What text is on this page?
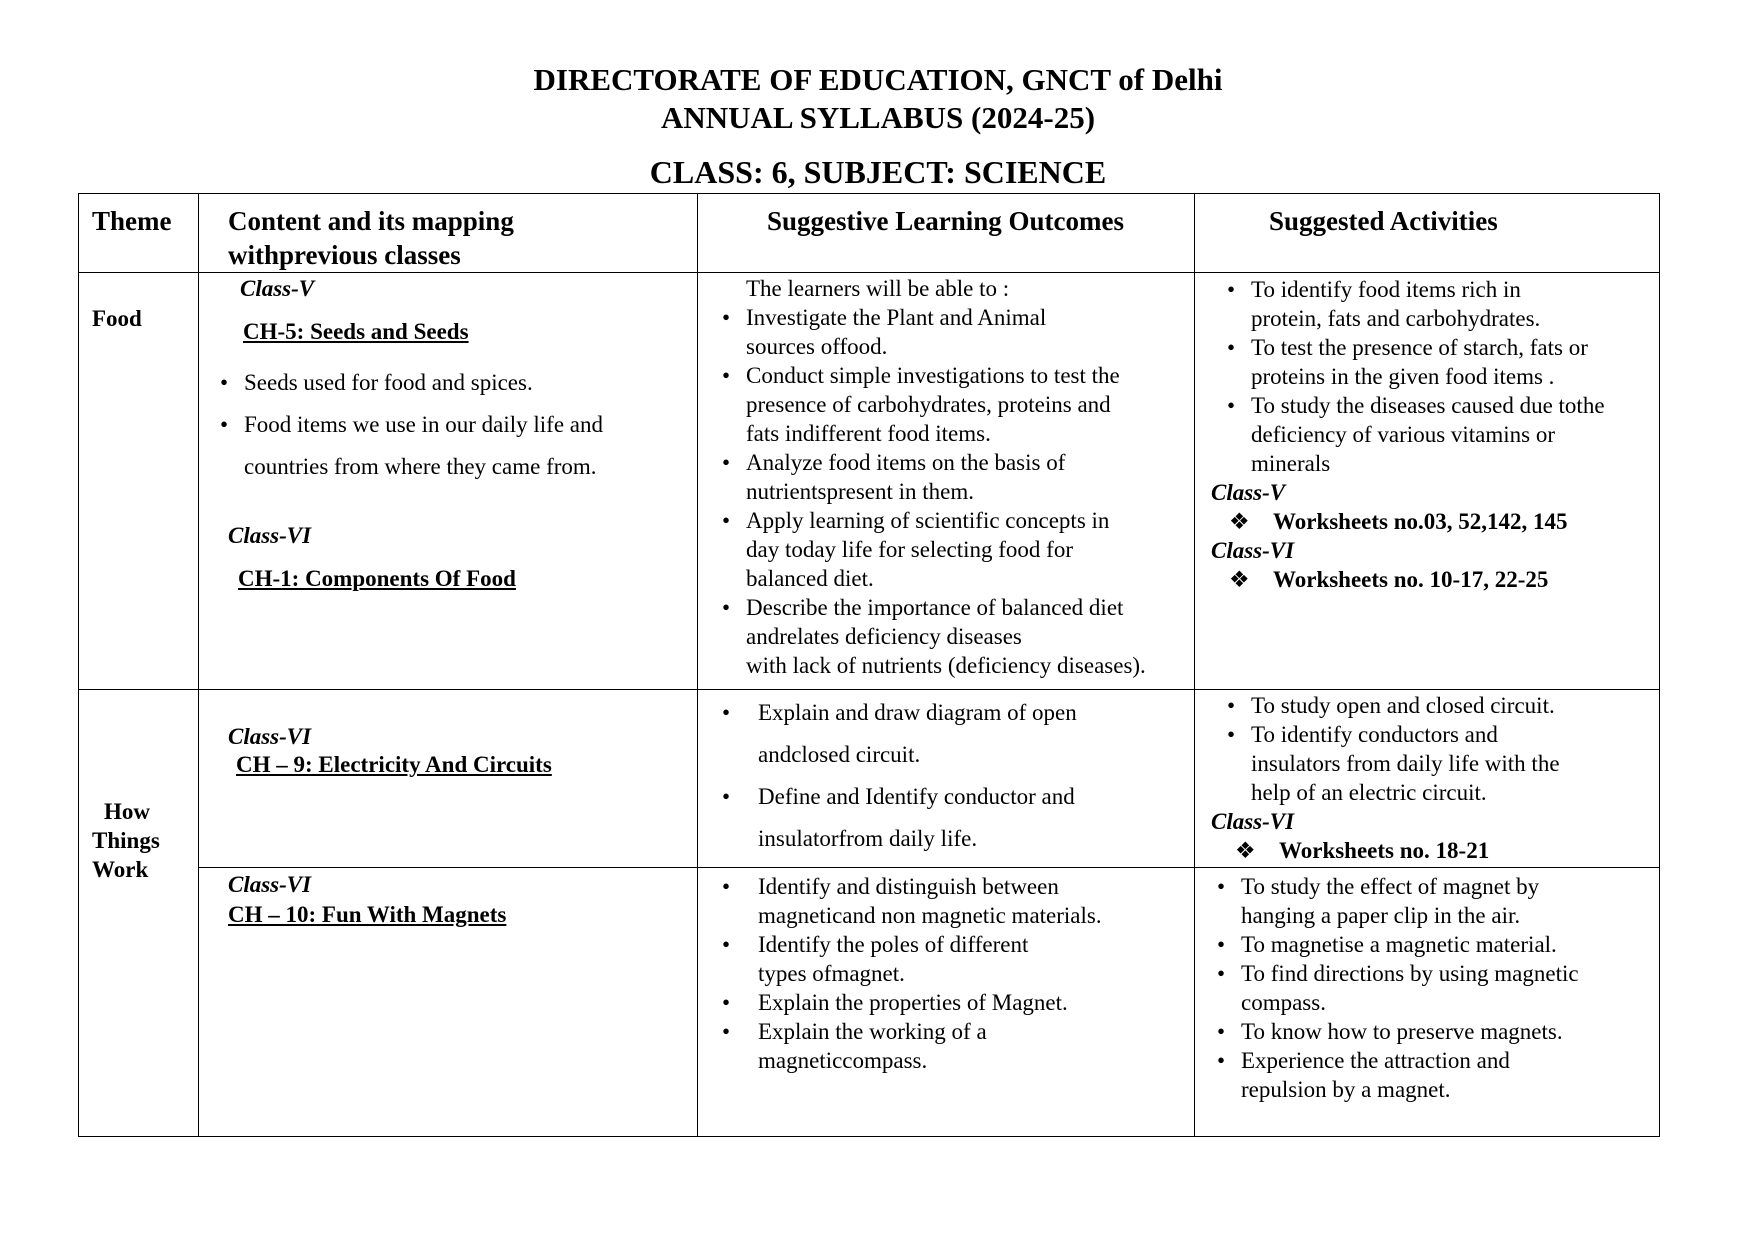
DIRECTORATE OF EDUCATION, GNCT of Delhi
ANNUAL SYLLABUS (2024-25)
CLASS: 6, SUBJECT: SCIENCE
Theme Content and its mapping
withprevious classes
Suggestive Learning Outcomes	Suggested Activities
Food
Class-V
CH-5: Seeds and Seeds
• Seeds used for food and spices.
• Food items we use in our daily life and
countries from where they came from.
Class-VI
CH-1: Components Of Food
The learners will be able to :
• Investigate the Plant and Animal
sources offood.
• Conduct simple investigations to test the
presence of carbohydrates, proteins and
fats indifferent food items.
• Analyze food items on the basis of
nutrientspresent in them.
• Apply learning of scientific concepts in
day today life for selecting food for
balanced diet.
• Describe the importance of balanced diet
andrelates deficiency diseases
with lack of nutrients (deficiency diseases).
• To identify food items rich in
protein, fats and carbohydrates.
• To test the presence of starch, fats or
proteins in the given food items .
• To study the diseases caused due tothe

deficiency of various vitamins or
minerals
Class-V
❖ Worksheets no.03, 52,142, 145
Class-VI
❖ Worksheets no. 10-17, 22-25
How
Things
Work
Class-VI
CH – 9: Electricity And Circuits
• Explain and draw diagram of open
andclosed circuit.
• Define and Identify conductor and
insulatorfrom daily life.
• To study open and closed circuit.
• To identify conductors and
insulators from daily life with the
help of an electric circuit.
Class-VI
❖ Worksheets no. 18-21
Class-VI
CH – 10: Fun With Magnets
• Identify and distinguish between
magneticand non magnetic materials.
• Identify the poles of different
types ofmagnet.
• Explain the properties of Magnet.
• Explain the working of a
magneticcompass.
• To study the effect of magnet by
hanging a paper clip in the air.
• To magnetise a magnetic material.
• To find directions by using magnetic
compass.
• To know how to preserve magnets.
• Experience the attraction and
repulsion by a magnet.
